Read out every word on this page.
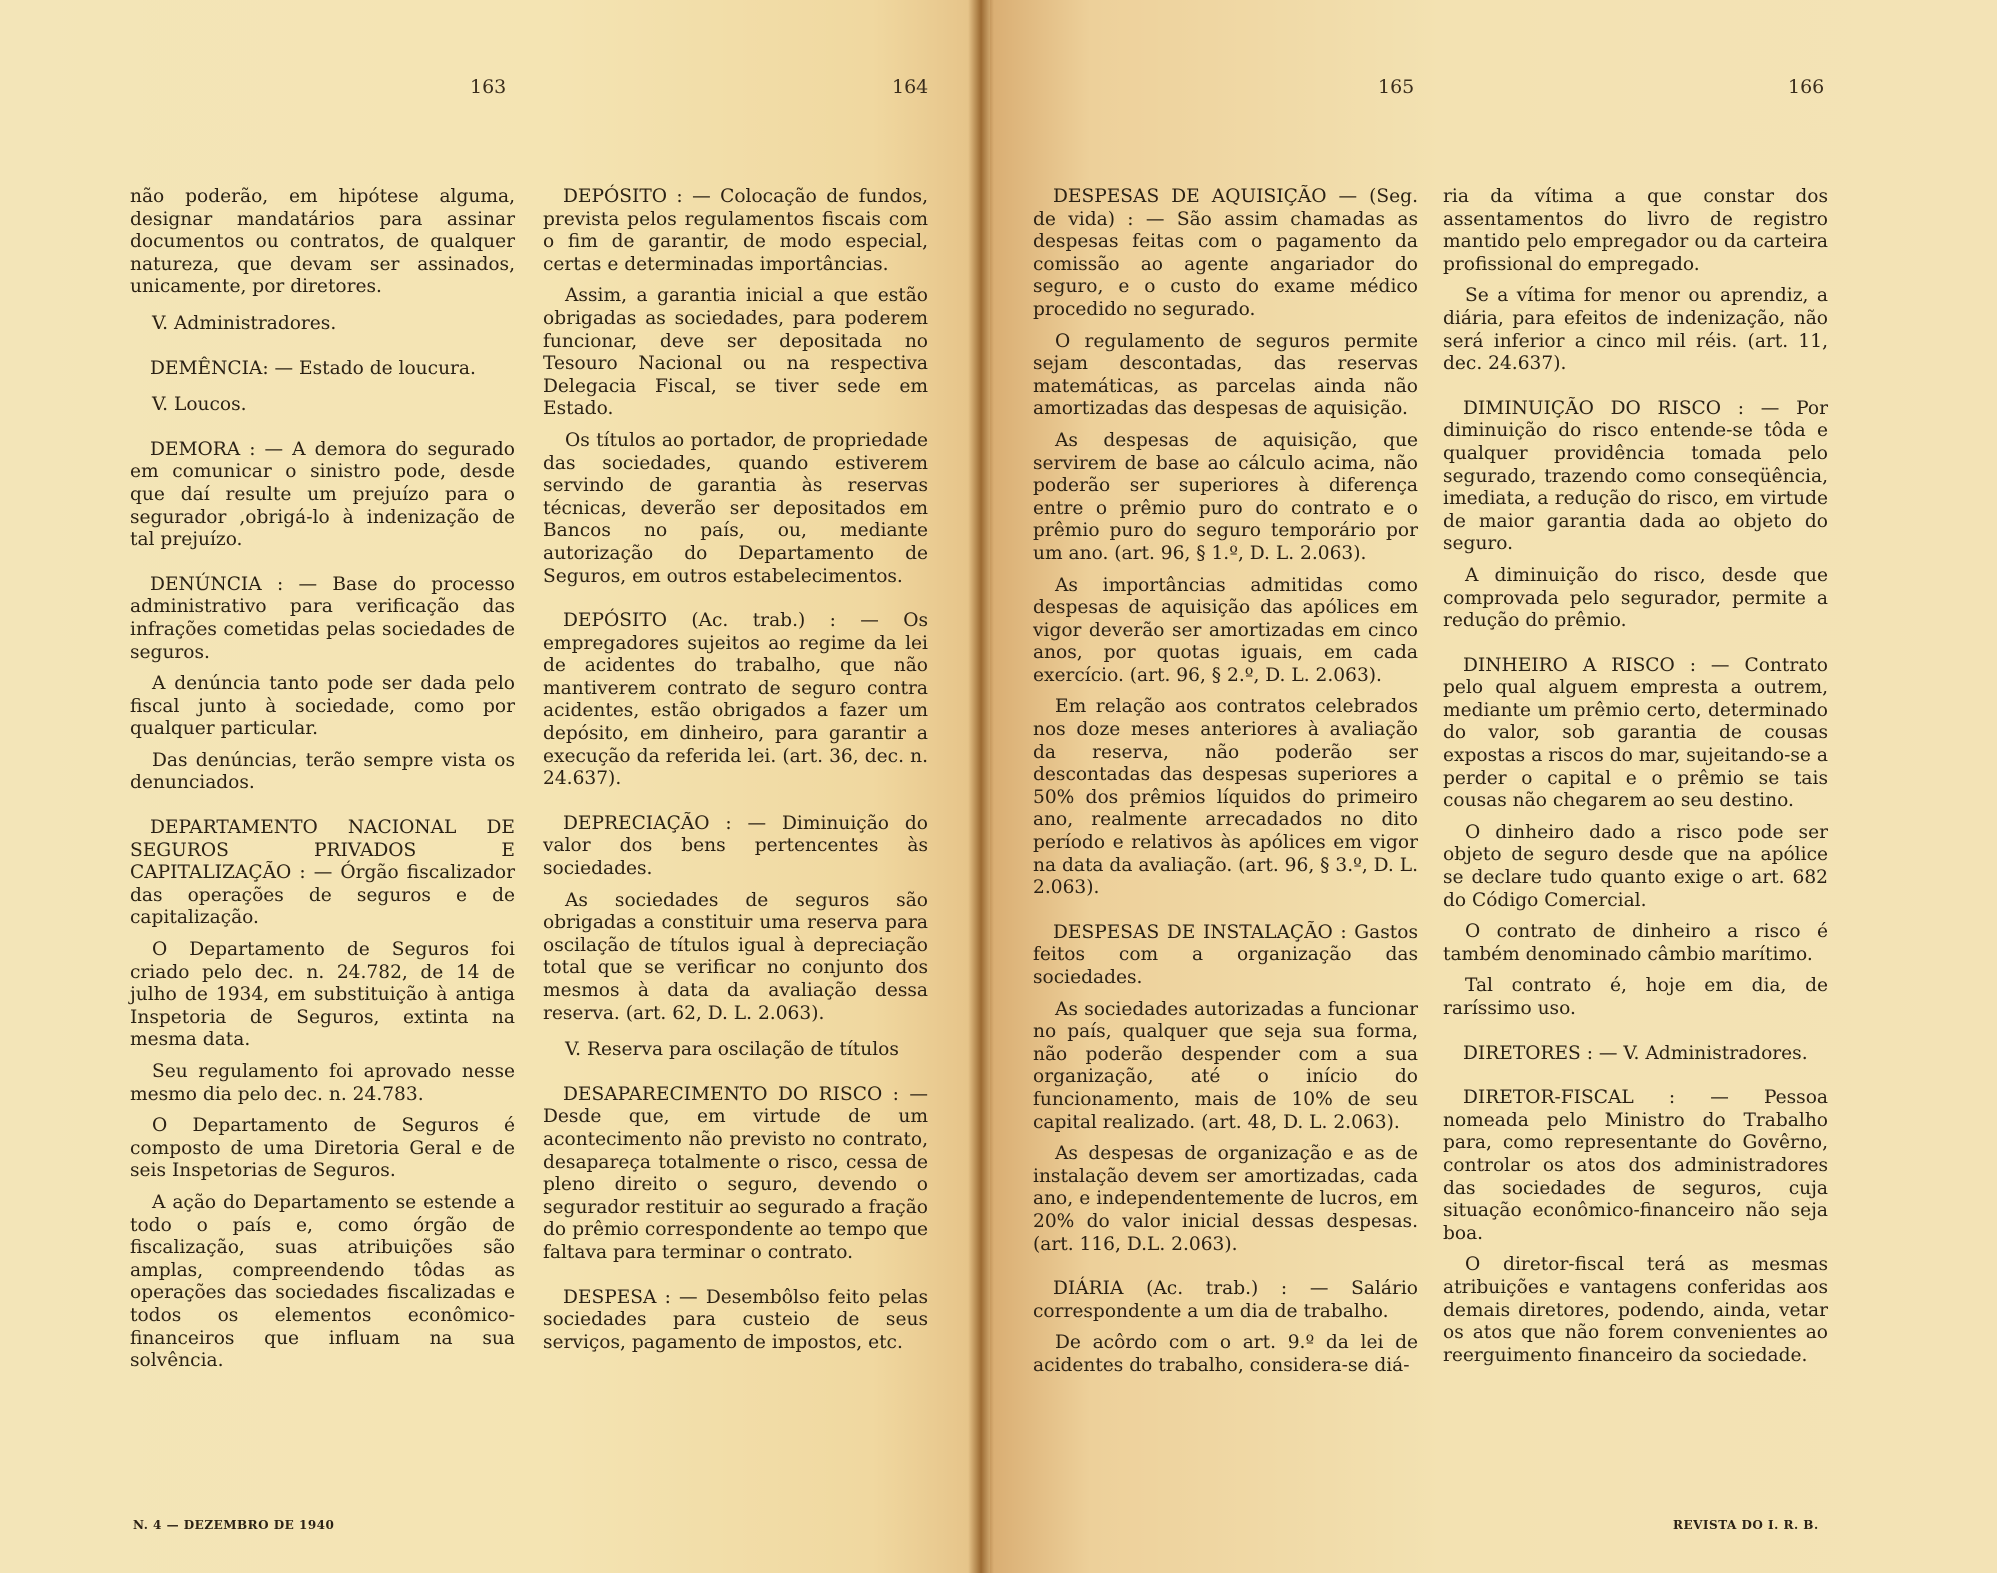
163	164	165	166

não poderão, em hipótese alguma, designar mandatários para assinar documentos ou contratos, de qualquer natureza, que devam ser assinados, unicamente, por diretores.

V. Administradores.

DEMÊNCIA: — Estado de loucura.

V. Loucos.

DEMORA : — A demora do segurado em comunicar o sinistro pode, desde que daí resulte um prejuízo para o segurador ,obrigá-lo à indenização de tal prejuízo.

DENÚNCIA : — Base do processo administrativo para verificação das infrações cometidas pelas sociedades de seguros.

A denúncia tanto pode ser dada pelo fiscal junto à sociedade, como por qualquer particular.

Das denúncias, terão sempre vista os denunciados.

DEPARTAMENTO NACIONAL DE SEGUROS PRIVADOS E CAPITALIZAÇÃO : — Órgão fiscalizador das operações de seguros e de capitalização.

O Departamento de Seguros foi criado pelo dec. n. 24.782, de 14 de julho de 1934, em substituição à antiga Inspetoria de Seguros, extinta na mesma data.

Seu regulamento foi aprovado nesse mesmo dia pelo dec. n. 24.783.

O Departamento de Seguros é composto de uma Diretoria Geral e de seis Inspetorias de Seguros.

A ação do Departamento se estende a todo o país e, como órgão de fiscalização, suas atribuições são amplas, compreendendo tôdas as operações das sociedades fiscalizadas e todos os elementos econômico-financeiros que influam na sua solvência.

DEPÓSITO : — Colocação de fundos, prevista pelos regulamentos fiscais com o fim de garantir, de modo especial, certas e determinadas importâncias.

Assim, a garantia inicial a que estão obrigadas as sociedades, para poderem funcionar, deve ser depositada no Tesouro Nacional ou na respectiva Delegacia Fiscal, se tiver sede em Estado.

Os títulos ao portador, de propriedade das sociedades, quando estiverem servindo de garantia às reservas técnicas, deverão ser depositados em Bancos no país, ou, mediante autorização do Departamento de Seguros, em outros estabelecimentos.

DEPÓSITO (Ac. trab.) : — Os empregadores sujeitos ao regime da lei de acidentes do trabalho, que não mantiverem contrato de seguro contra acidentes, estão obrigados a fazer um depósito, em dinheiro, para garantir a execução da referida lei. (art. 36, dec. n. 24.637).

DEPRECIAÇÃO : — Diminuição do valor dos bens pertencentes às sociedades.

As sociedades de seguros são obrigadas a constituir uma reserva para oscilação de títulos igual à depreciação total que se verificar no conjunto dos mesmos à data da avaliação dessa reserva. (art. 62, D. L. 2.063).

V. Reserva para oscilação de títulos

DESAPARECIMENTO DO RISCO : — Desde que, em virtude de um acontecimento não previsto no contrato, desapareça totalmente o risco, cessa de pleno direito o seguro, devendo o segurador restituir ao segurado a fração do prêmio correspondente ao tempo que faltava para terminar o contrato.

DESPESA : — Desembôlso feito pelas sociedades para custeio de seus serviços, pagamento de impostos, etc.

DESPESAS DE AQUISIÇÃO — (Seg. de vida) : — São assim chamadas as despesas feitas com o pagamento da comissão ao agente angariador do seguro, e o custo do exame médico procedido no segurado.

O regulamento de seguros permite sejam descontadas, das reservas matemáticas, as parcelas ainda não amortizadas das despesas de aquisição.

As despesas de aquisição, que servirem de base ao cálculo acima, não poderão ser superiores à diferença entre o prêmio puro do contrato e o prêmio puro do seguro temporário por um ano. (art. 96, § 1.º, D. L. 2.063).

As importâncias admitidas como despesas de aquisição das apólices em vigor deverão ser amortizadas em cinco anos, por quotas iguais, em cada exercício. (art. 96, § 2.º, D. L. 2.063).

Em relação aos contratos celebrados nos doze meses anteriores à avaliação da reserva, não poderão ser descontadas das despesas superiores a 50% dos prêmios líquidos do primeiro ano, realmente arrecadados no dito período e relativos às apólices em vigor na data da avaliação. (art. 96, § 3.º, D. L. 2.063).

DESPESAS DE INSTALAÇÃO : Gastos feitos com a organização das sociedades.

As sociedades autorizadas a funcionar no país, qualquer que seja sua forma, não poderão despender com a sua organização, até o início do funcionamento, mais de 10% de seu capital realizado. (art. 48, D. L. 2.063).

As despesas de organização e as de instalação devem ser amortizadas, cada ano, e independentemente de lucros, em 20% do valor inicial dessas despesas. (art. 116, D.L. 2.063).

DIÁRIA (Ac. trab.) : — Salário correspondente a um dia de trabalho.

De acôrdo com o art. 9.º da lei de acidentes do trabalho, considera-se diá-

ria da vítima a que constar dos assentamentos do livro de registro mantido pelo empregador ou da carteira profissional do empregado.

Se a vítima for menor ou aprendiz, a diária, para efeitos de indenização, não será inferior a cinco mil réis. (art. 11, dec. 24.637).

DIMINUIÇÃO DO RISCO : — Por diminuição do risco entende-se tôda e qualquer providência tomada pelo segurado, trazendo como conseqüência, imediata, a redução do risco, em virtude de maior garantia dada ao objeto do seguro.

A diminuição do risco, desde que comprovada pelo segurador, permite a redução do prêmio.

DINHEIRO A RISCO : — Contrato pelo qual alguem empresta a outrem, mediante um prêmio certo, determinado do valor, sob garantia de cousas expostas a riscos do mar, sujeitando-se a perder o capital e o prêmio se tais cousas não chegarem ao seu destino.

O dinheiro dado a risco pode ser objeto de seguro desde que na apólice se declare tudo quanto exige o art. 682 do Código Comercial.

O contrato de dinheiro a risco é também denominado câmbio marítimo.

Tal contrato é, hoje em dia, de raríssimo uso.

DIRETORES : — V. Administradores.

DIRETOR-FISCAL : — Pessoa nomeada pelo Ministro do Trabalho para, como representante do Govêrno, controlar os atos dos administradores das sociedades de seguros, cuja situação econômico-financeiro não seja boa.

O diretor-fiscal terá as mesmas atribuições e vantagens conferidas aos demais diretores, podendo, ainda, vetar os atos que não forem convenientes ao reerguimento financeiro da sociedade.

N. 4 — DEZEMBRO DE 1940	REVISTA DO I. R. B.
